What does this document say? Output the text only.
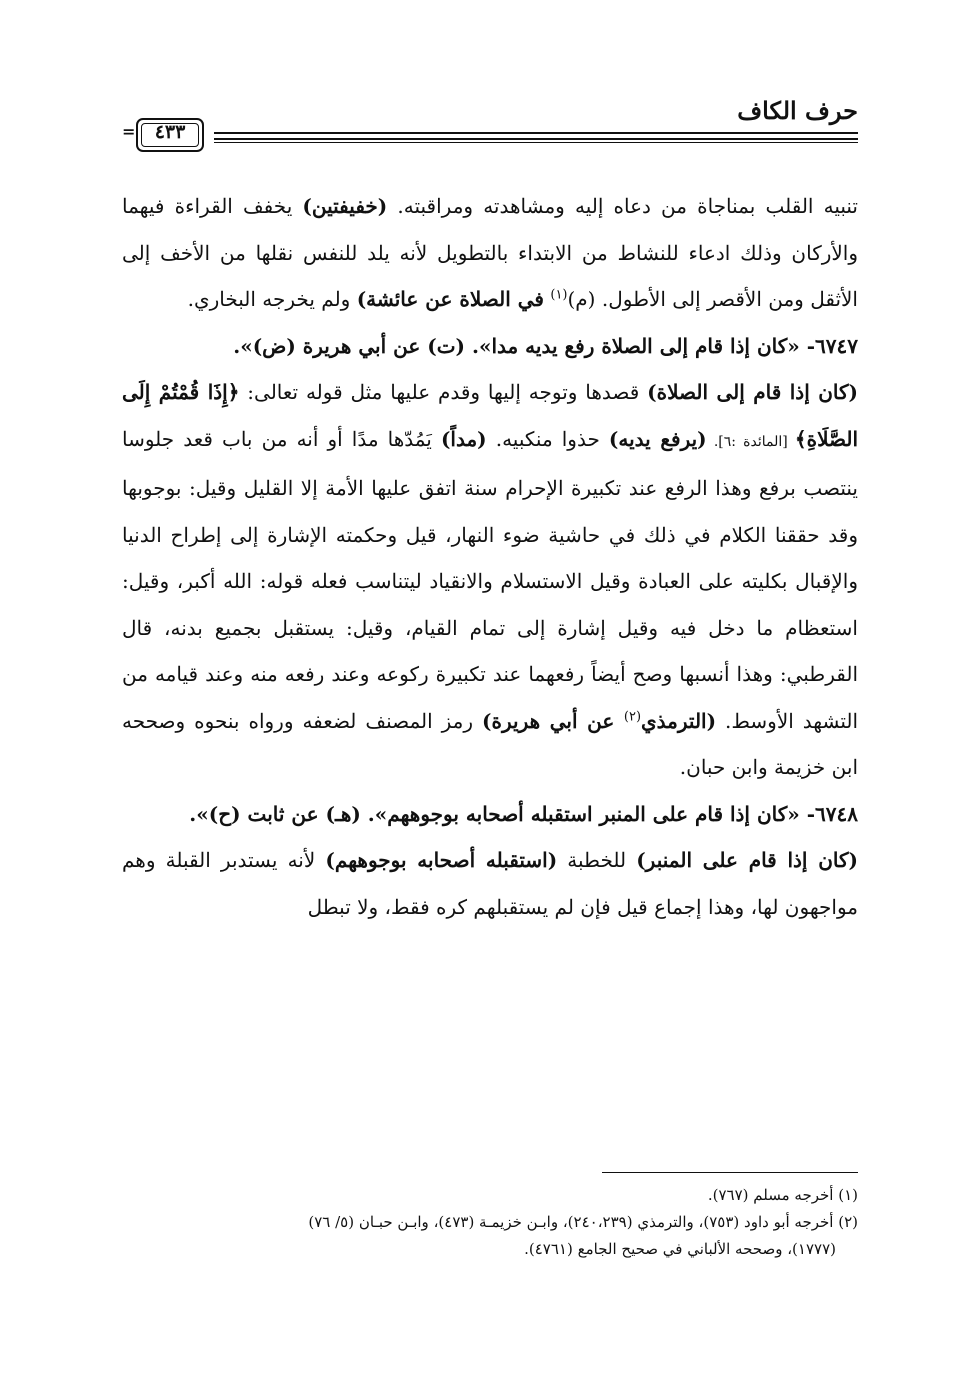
حرف الكاف
٤٣٣
=

تنبيه القلب بمناجاة من دعاه إليه ومشاهدته ومراقبته. (خفيفتين) يخفف القراءة فيهما والأركان وذلك ادعاء للنشاط من الابتداء بالتطويل لأنه يلد للنفس نقلها من الأخف إلى الأثقل ومن الأقصر إلى الأطول. (م)$^{(١)}$ في الصلاة عن عائشة) ولم يخرجه البخاري.

٦٧٤٧- «كان إذا قام إلى الصلاة رفع يديه مدا». (ت) عن أبي هريرة (ض)».

(كان إذا قام إلى الصلاة) قصدها وتوجه إليها وقدم عليها مثل قوله تعالى: ﴿إِذَا قُمْتُمْ إِلَى الصَّلَاةِ﴾ [المائدة :٦]. (يرفع يديه) حذوا منكبيه. (مداً) يَمُدّها مدًا أو أنه من باب قعد جلوسا ينتصب برفع وهذا الرفع عند تكبيرة الإحرام سنة اتفق عليها الأمة إلا القليل وقيل: بوجوبها وقد حققنا الكلام في ذلك في حاشية ضوء النهار، قيل وحكمته الإشارة إلى إطراح الدنيا والإقبال بكليته على العبادة وقيل الاستسلام والانقياد ليتناسب فعله قوله: الله أكبر، وقيل: استعظام ما دخل فيه وقيل إشارة إلى تمام القيام، وقيل: يستقبل بجميع بدنه، قال القرطبي: وهذا أنسبها وصح أيضاً رفعهما عند تكبيرة ركوعه وعند رفعه منه وعند قيامه من التشهد الأوسط. (الترمذي$^{(٢)}$ عن أبي هريرة) رمز المصنف لضعفه ورواه بنحوه وصححه ابن خزيمة وابن حبان.

٦٧٤٨- «كان إذا قام على المنبر استقبله أصحابه بوجوههم». (هـ) عن ثابت (ح)».

(كان إذا قام على المنبر) للخطبة (استقبله أصحابه بوجوههم) لأنه يستدبر القبلة وهم مواجهون لها، وهذا إجماع قيل فإن لم يستقبلهم كره فقط، ولا تبطل

(١) أخرجه مسلم (٧٦٧).

(٢) أخرجه أبو داود (٧٥٣)، والترمذي (٢٤٠،٢٣٩)، وابـن خزيمـة (٤٧٣)، وابـن حبـان (٥/ ٧٦)

(١٧٧٧)، وصححه الألباني في صحيح الجامع (٤٧٦١).
